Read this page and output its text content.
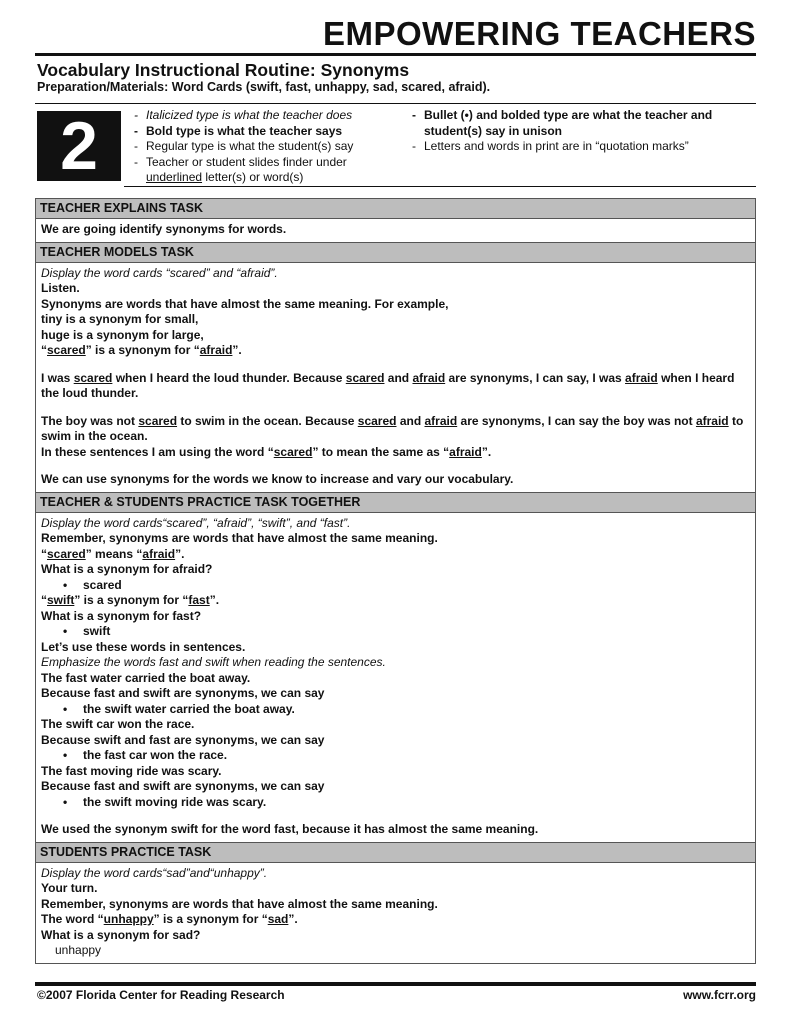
EMPOWERING TEACHERS
Vocabulary Instructional Routine: Synonyms
Preparation/Materials: Word Cards (swift, fast, unhappy, sad, scared, afraid).
2	- Italicized type is what the teacher does
- Bold type is what the teacher says
- Regular type is what the student(s) say
- Teacher or student slides finder under
underlined letter(s) or word(s)
- Bullet (•) and bolded type are what the teacher and student(s) say in unison
- Letters and words in print are in “quotation marks”
TEACHER EXPLAINS TASK
We are going identify synonyms for words.
TEACHER MODELS TASK
Display the word cards “scared” and “afraid”.
Listen.
Synonyms are words that have almost the same meaning. For example,
tiny is a synonym for small,
huge is a synonym for large,
“scared” is a synonym for “afraid”.
I was scared when I heard the loud thunder. Because scared and afraid are synonyms, I can say, I was afraid when I heard the loud thunder.
The boy was not scared to swim in the ocean. Because scared and afraid are synonyms, I can say the boy was not afraid to swim in the ocean.
In these sentences I am using the word “scared” to mean the same as “afraid”.
We can use synonyms for the words we know to increase and vary our vocabulary.
TEACHER & STUDENTS PRACTICE TASK TOGETHER
Display the word cards“scared”, “afraid”, “swift”, and “fast”.
Remember, synonyms are words that have almost the same meaning.
“scared” means “afraid”.
What is a synonym for afraid?
• scared
“swift” is a synonym for “fast”.
What is a synonym for fast?
• swift
Let’s use these words in sentences.
Emphasize the words fast and swift when reading the sentences.
The fast water carried the boat away.
Because fast and swift are synonyms, we can say
• the swift water carried the boat away.
The swift car won the race.
Because swift and fast are synonyms, we can say
• the fast car won the race.
The fast moving ride was scary.
Because fast and swift are synonyms, we can say
• the swift moving ride was scary.
We used the synonym swift for the word fast, because it has almost the same meaning.
STUDENTS PRACTICE TASK
Display the word cards“sad”and“unhappy”.
Your turn.
Remember, synonyms are words that have almost the same meaning.
The word “unhappy” is a synonym for “sad”.
What is a synonym for sad?
unhappy
©2007 Florida Center for Reading Research	www.fcrr.org
